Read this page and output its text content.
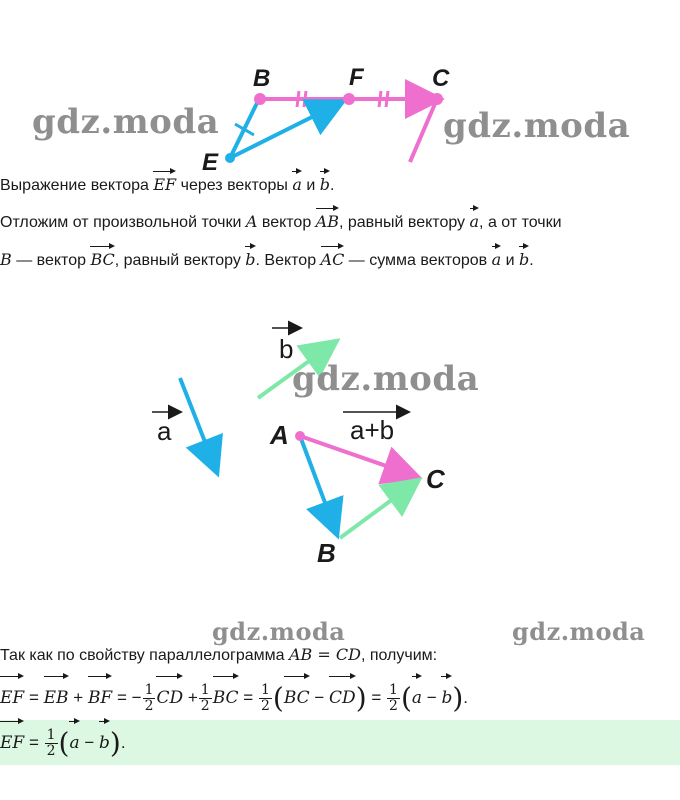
gdz.moda	gdz.moda
B	F	C
E
Выражение вектора EF через векторы a и b.
Отложим от произвольной точки A вектор AB, равный вектору a, а от точки
B — вектор BC, равный вектору b. Вектор AC — сумма векторов a и b.
b
gdz.moda
a	a+b
A
C
B
gdz.moda	gdz.moda
Так как по свойству параллелограмма AB = CD, получим:
EF = EB + BF = − $\frac{1}{2}$ CD + $\frac{1}{2}$ BC = $\frac{1}{2} (BC - CD) = \frac{1}{2} (a - b)$.
EF = $\frac{1}{2} (a - b)$.
